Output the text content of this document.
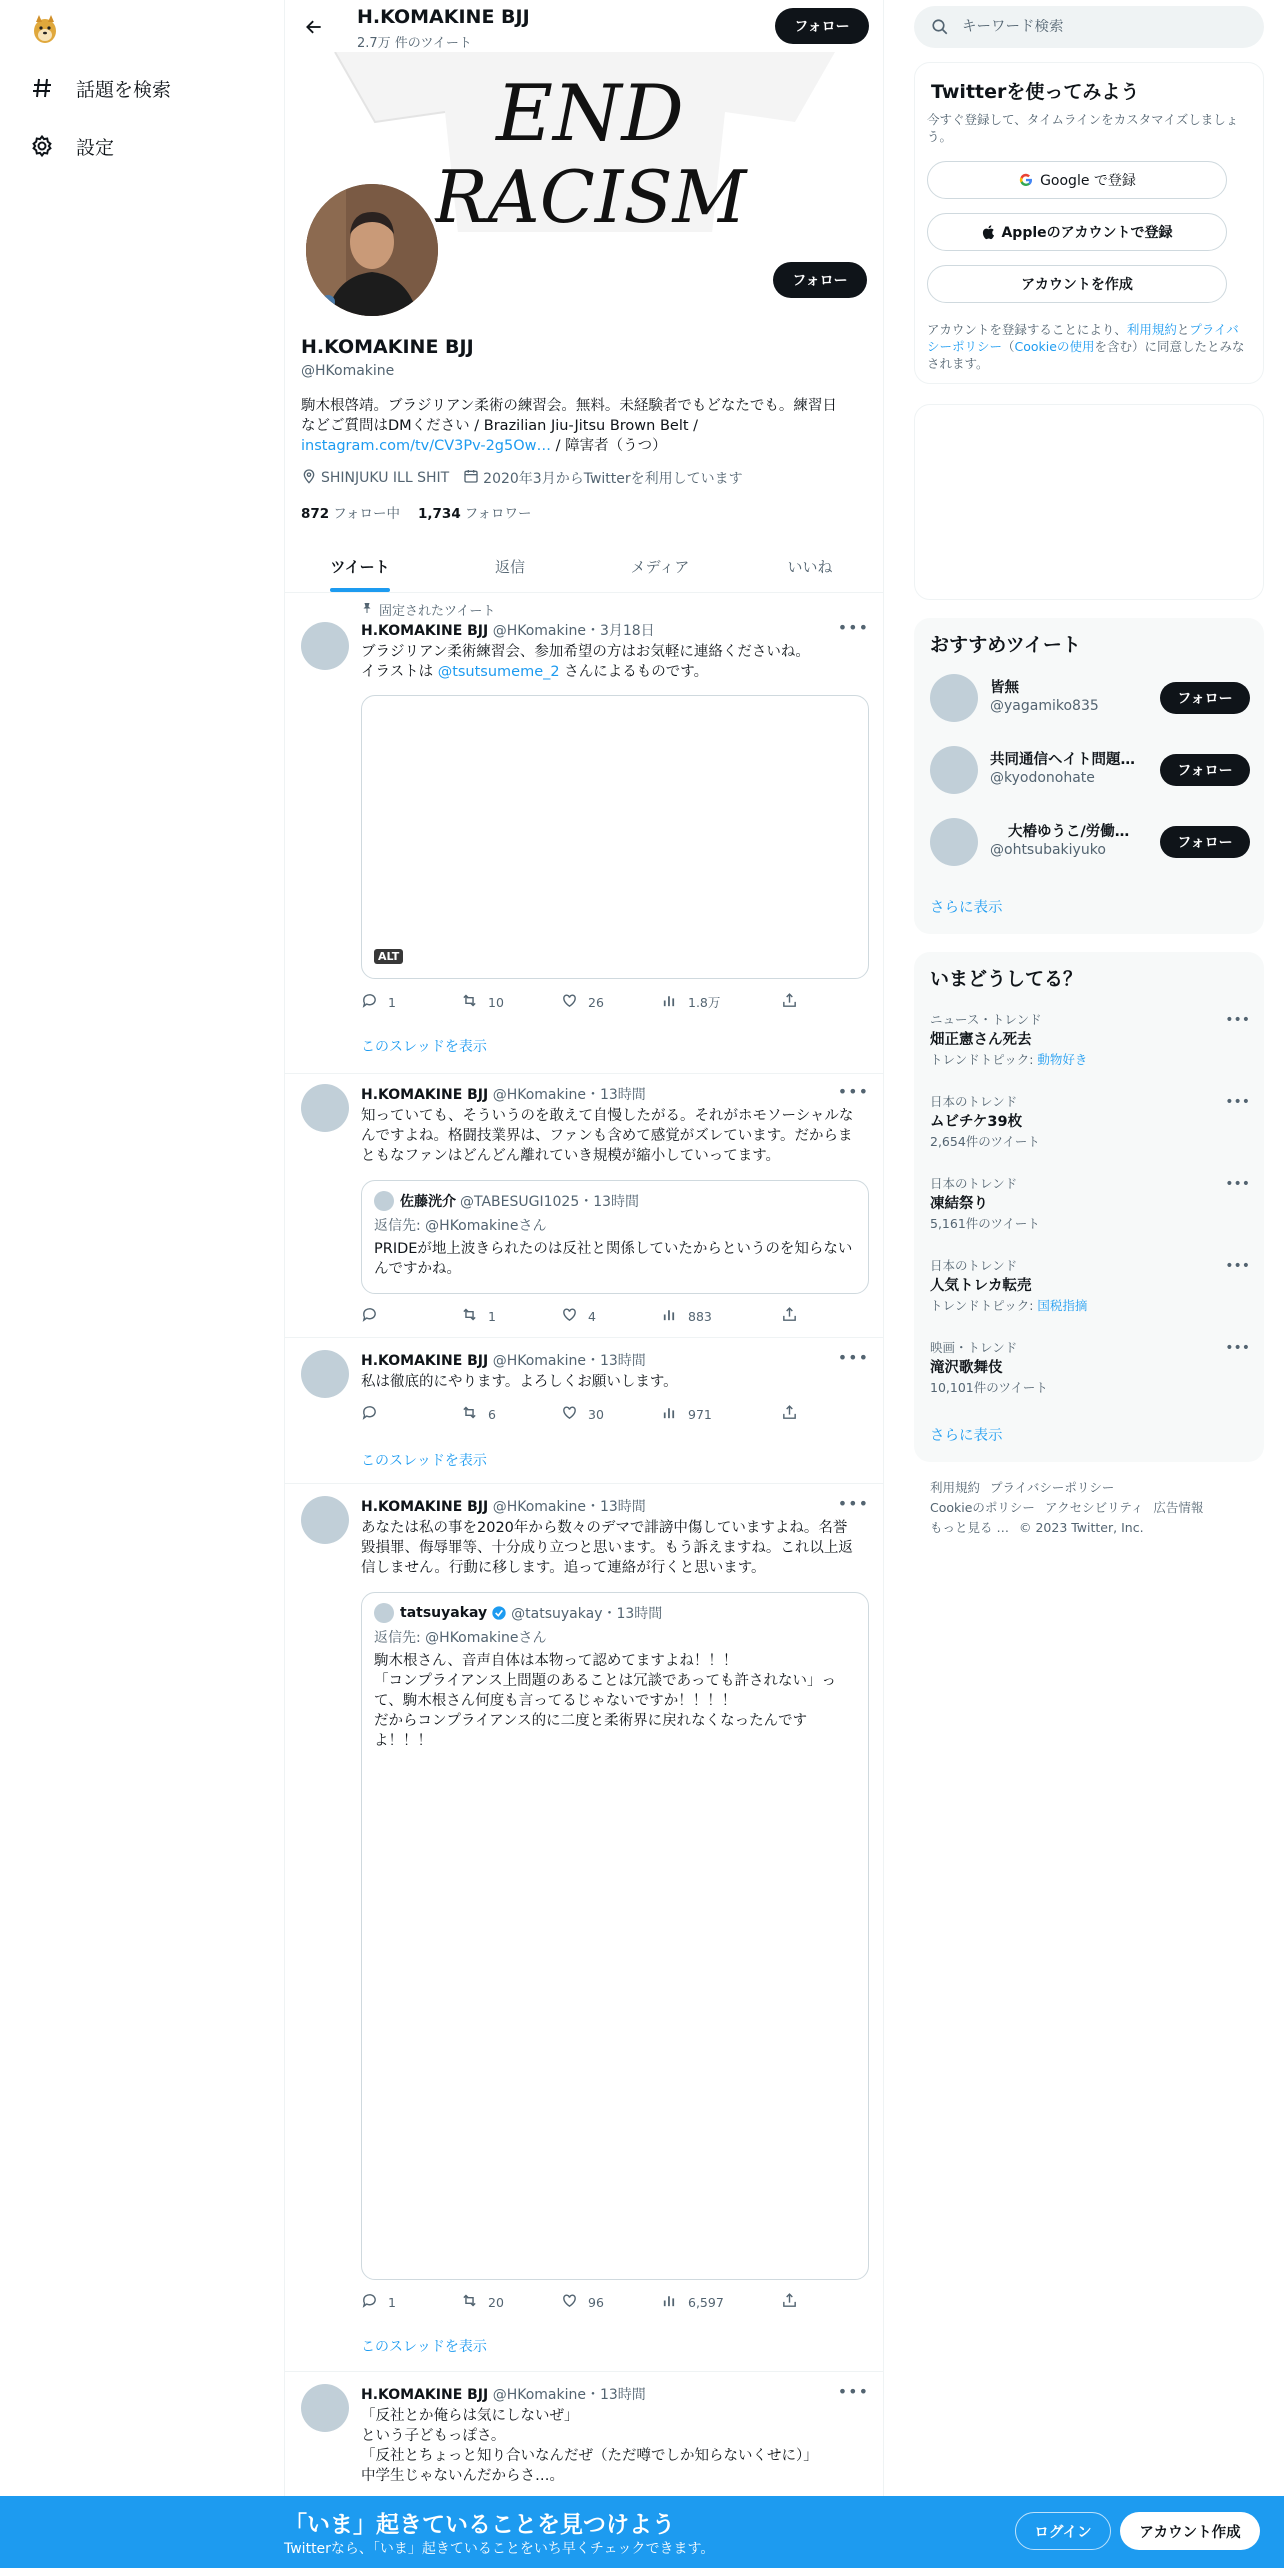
話題を検索
設定
H.KOMAKINE BJJ
2.7万 件のツイート
フォロー
END
RACISM
フォロー
H.KOMAKINE BJJ
@HKomakine
駒木根啓靖。ブラジリアン柔術の練習会。無料。未経験者でもどなたでも。練習日
などご質問はDMください / Brazilian Jiu-Jitsu Brown Belt /
instagram.com/tv/CV3Pv-2g5Ow… / 障害者（うつ）
SHINJUKU ILL SHIT 2020年3月からTwitterを利用しています
872 フォロー中 1,734 フォロワー
ツイート	返信	メディア	いいね
固定されたツイート
H.KOMAKINE BJJ @HKomakine・3月18日	•••
ブラジリアン柔術練習会、参加希望の方はお気軽に連絡くださいね。
イラストは @tsutsumeme_2 さんによるものです。
ALT
1	10	26	1.8万
このスレッドを表示
H.KOMAKINE BJJ @HKomakine・13時間	•••
知っていても、そういうのを敢えて自慢したがる。それがホモソーシャルなんですよね。格闘技業界は、ファンも含めて感覚がズレています。だからまともなファンはどんどん離れていき規模が縮小していってます。
佐藤洸介 @TABESUGI1025・13時間
返信先: @HKomakineさん
PRIDEが地上波きられたのは反社と関係していたからというのを知らないんですかね。
1	4	883
H.KOMAKINE BJJ @HKomakine・13時間	•••
私は徹底的にやります。よろしくお願いします。
6	30	971
このスレッドを表示
H.KOMAKINE BJJ @HKomakine・13時間	•••
あなたは私の事を2020年から数々のデマで誹謗中傷していますよね。名誉毀損罪、侮辱罪等、十分成り立つと思います。もう訴えますね。これ以上返信しません。行動に移します。追って連絡が行くと思います。
tatsuyakay @tatsuyakay・13時間
返信先: @HKomakineさん
駒木根さん、音声自体は本物って認めてますよね！！！
「コンプライアンス上問題のあることは冗談であっても許されない」って、駒木根さん何度も言ってるじゃないですか！！！！
だからコンプライアンス的に二度と柔術界に戻れなくなったんですよ！！！
1	20	96	6,597
このスレッドを表示
H.KOMAKINE BJJ @HKomakine・13時間	•••
「反社とか俺らは気にしないぜ」
という子どもっぽさ。
「反社とちょっと知り合いなんだぜ（ただ噂でしか知らないくせに）」
中学生じゃないんだからさ…。
キーワード検索
Twitterを使ってみよう
今すぐ登録して、タイムラインをカスタマイズしましょう。
Google で登録
Appleのアカウントで登録
アカウントを作成
アカウントを登録することにより、利用規約とプライバシーポリシー（Cookieの使用を含む）に同意したとみなされます。
おすすめツイート
皆無
@yagamiko835	フォロー
共同通信ヘイト問題…
@kyodonohate	フォロー
大椿ゆうこ/労働…
@ohtsubakiyuko	フォロー
さらに表示
いまどうしてる？
ニュース・トレンド
畑正憲さん死去
トレンドトピック: 動物好き
•••
日本のトレンド
ムビチケ39枚
2,654件のツイート
•••
日本のトレンド
凍結祭り
5,161件のツイート
•••
日本のトレンド
人気トレカ転売
トレンドトピック: 国税指摘
•••
映画・トレンド
滝沢歌舞伎
10,101件のツイート
•••
さらに表示
利用規約 プライバシーポリシー
Cookieのポリシー アクセシビリティ 広告情報
もっと見る … © 2023 Twitter, Inc.
「いま」起きていることを見つけよう
Twitterなら、「いま」起きていることをいち早くチェックできます。
ログイン	アカウント作成
